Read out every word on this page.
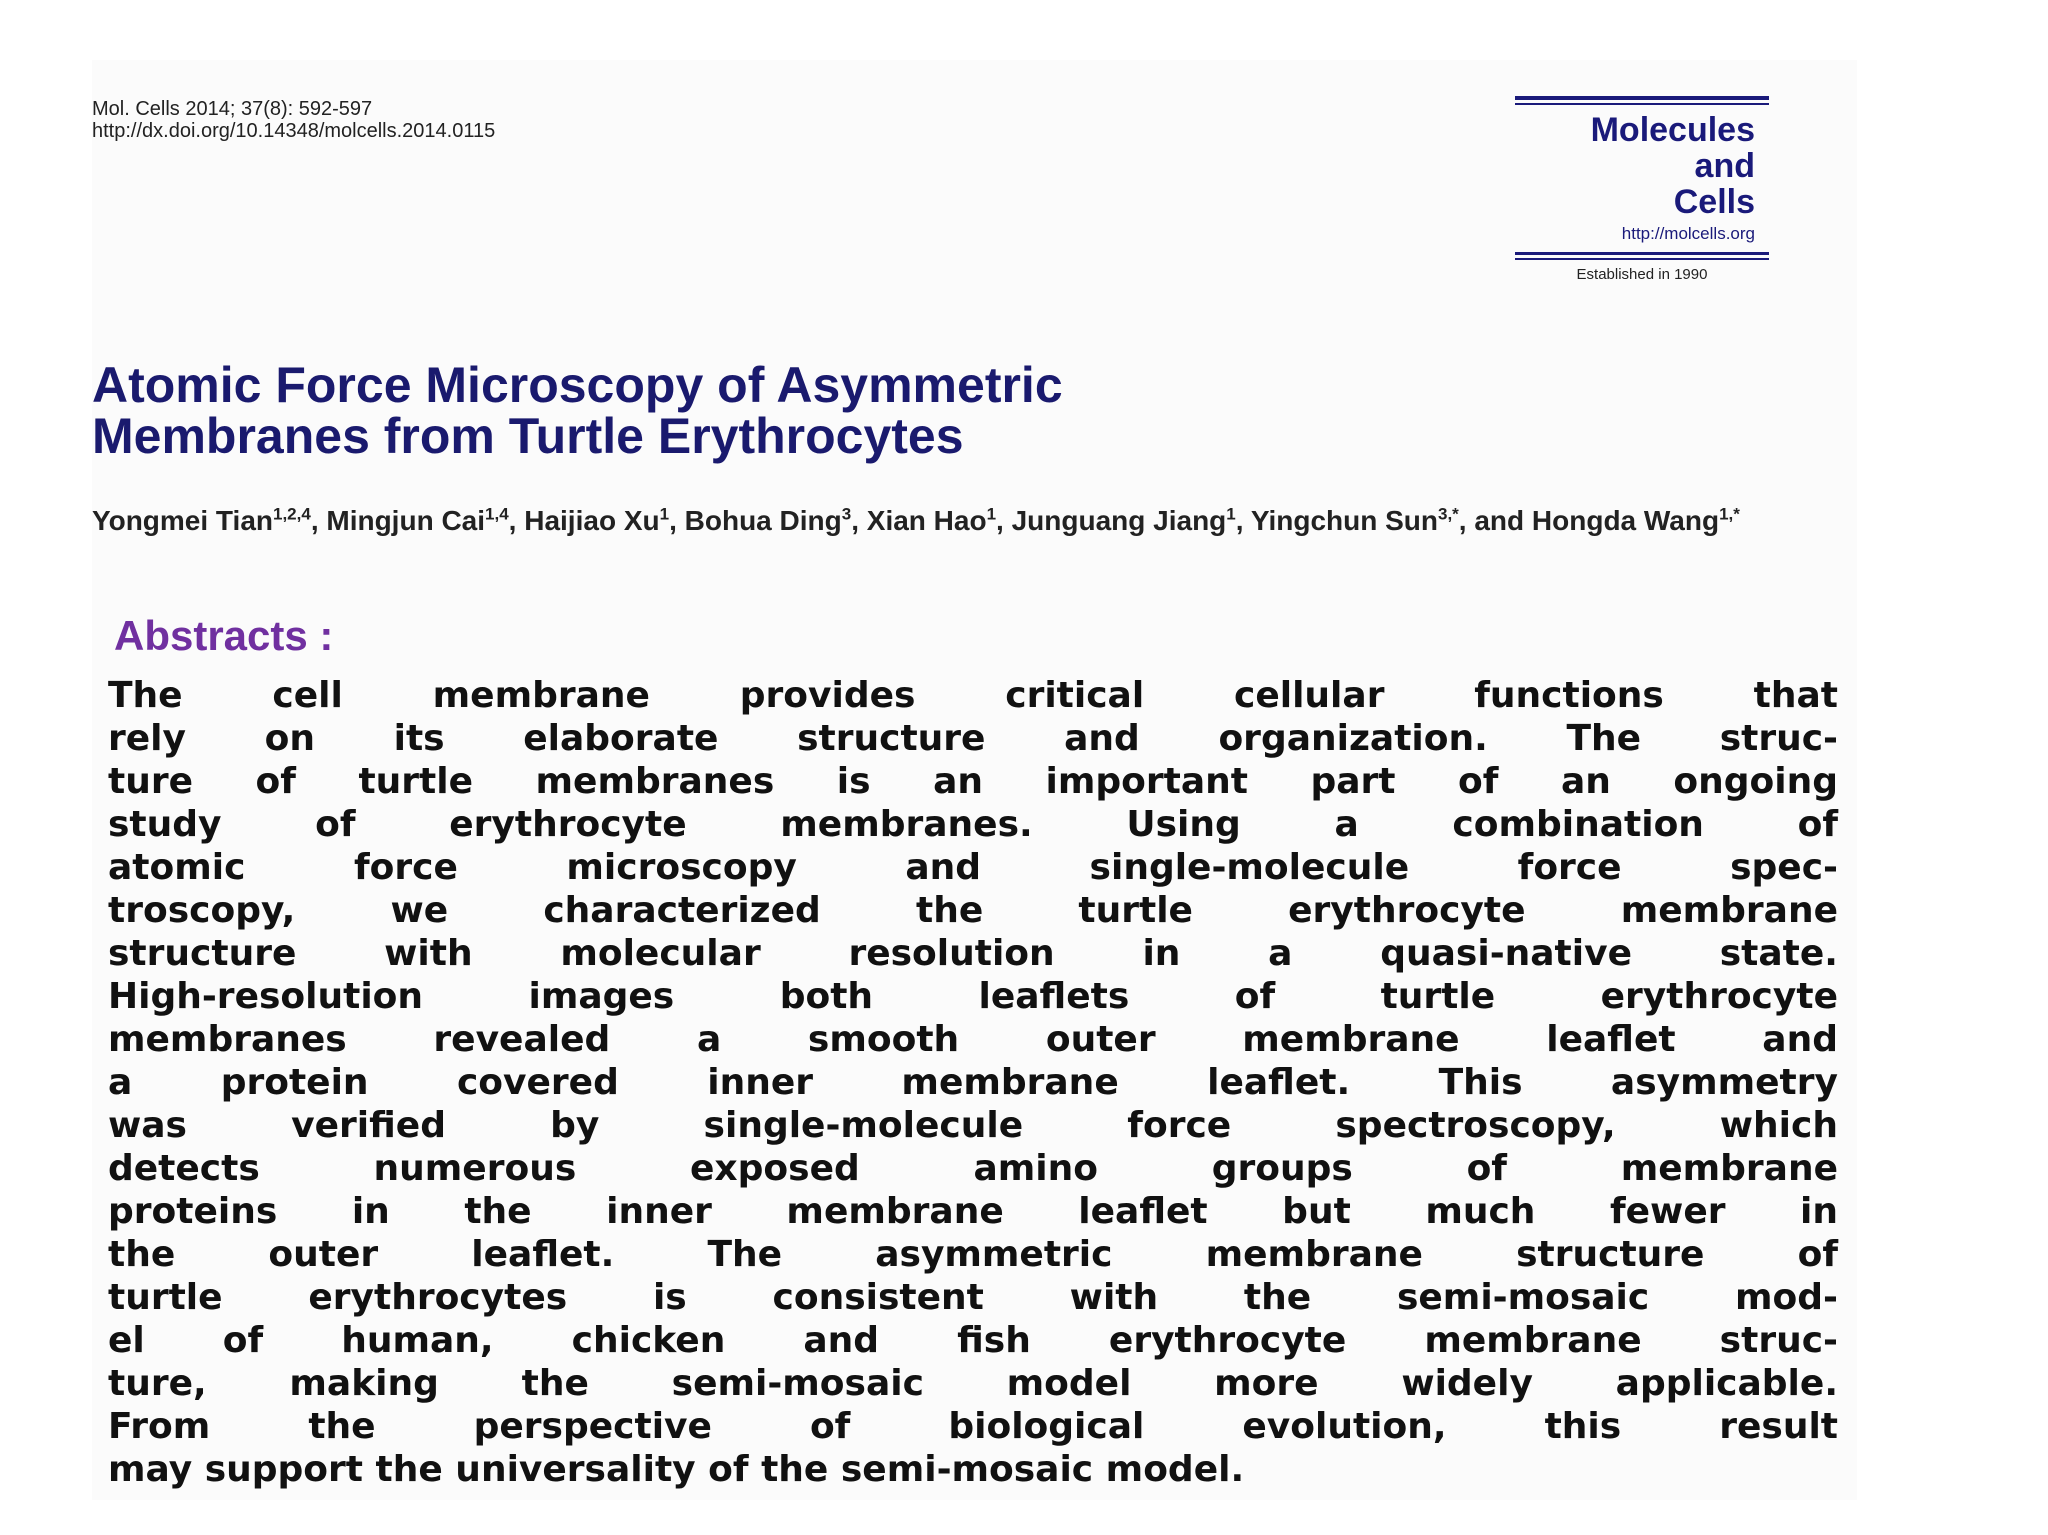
Mol. Cells 2014; 37(8): 592-597
http://dx.doi.org/10.14348/molcells.2014.0115	Molecules
and
Cells
http://molcells.org
Established in 1990
Atomic Force Microscopy of Asymmetric
Membranes from Turtle Erythrocytes
Yongmei Tian$^{1,2,4}$, Mingjun Cai$^{1,4}$, Haijiao Xu$^1$, Bohua Ding$^3$, Xian Hao$^1$, Junguang Jiang$^1$, Yingchun Sun$^{3,*}$, and Hongda Wang$^{1,*}$
Abstracts :
The cell membrane provides critical cellular functions that
rely on its elaborate structure and organization. The struc-
ture of turtle membranes is an important part of an ongoing
study of erythrocyte membranes. Using a combination of
atomic force microscopy and single-molecule force spec-
troscopy, we characterized the turtle erythrocyte membrane
structure with molecular resolution in a quasi-native state.
High-resolution images both leaflets of turtle erythrocyte
membranes revealed a smooth outer membrane leaflet and
a protein covered inner membrane leaflet. This asymmetry
was verified by single-molecule force spectroscopy, which
detects numerous exposed amino groups of membrane
proteins in the inner membrane leaflet but much fewer in
the outer leaflet. The asymmetric membrane structure of
turtle erythrocytes is consistent with the semi-mosaic mod-
el of human, chicken and fish erythrocyte membrane struc-
ture, making the semi-mosaic model more widely applicable.
From the perspective of biological evolution, this result
may support the universality of the semi-mosaic model.
